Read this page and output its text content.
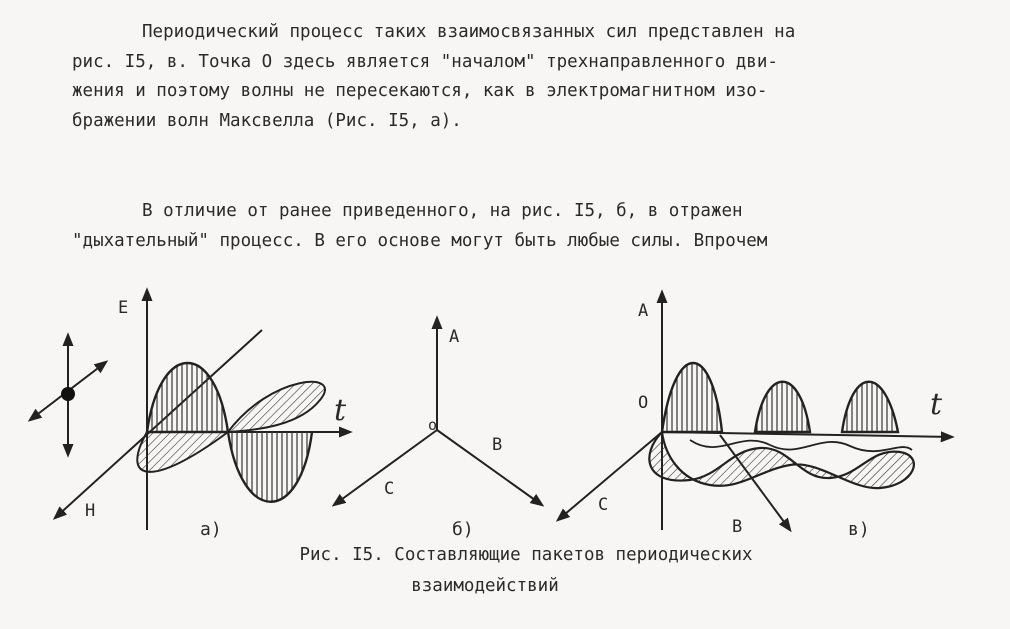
Периодический процесс таких взаимосвязанных сил представлен на
рис. I5, в. Точка O здесь является "началом" трехнаправленного дви-
жения и поэтому волны не пересекаются, как в электромагнитном изо-
бражении волн Максвелла (Рис. I5, а).
В отличие от ранее приведенного, на рис. I5, б, в отражен
"дыхательный" процесс. В его основе могут быть любые силы. Впрочем
E
t
H
а)
A
B
C
o
б)
A
O	t
C
B	в)
Рис. I5. Составляющие пакетов периодических
взаимодействий
